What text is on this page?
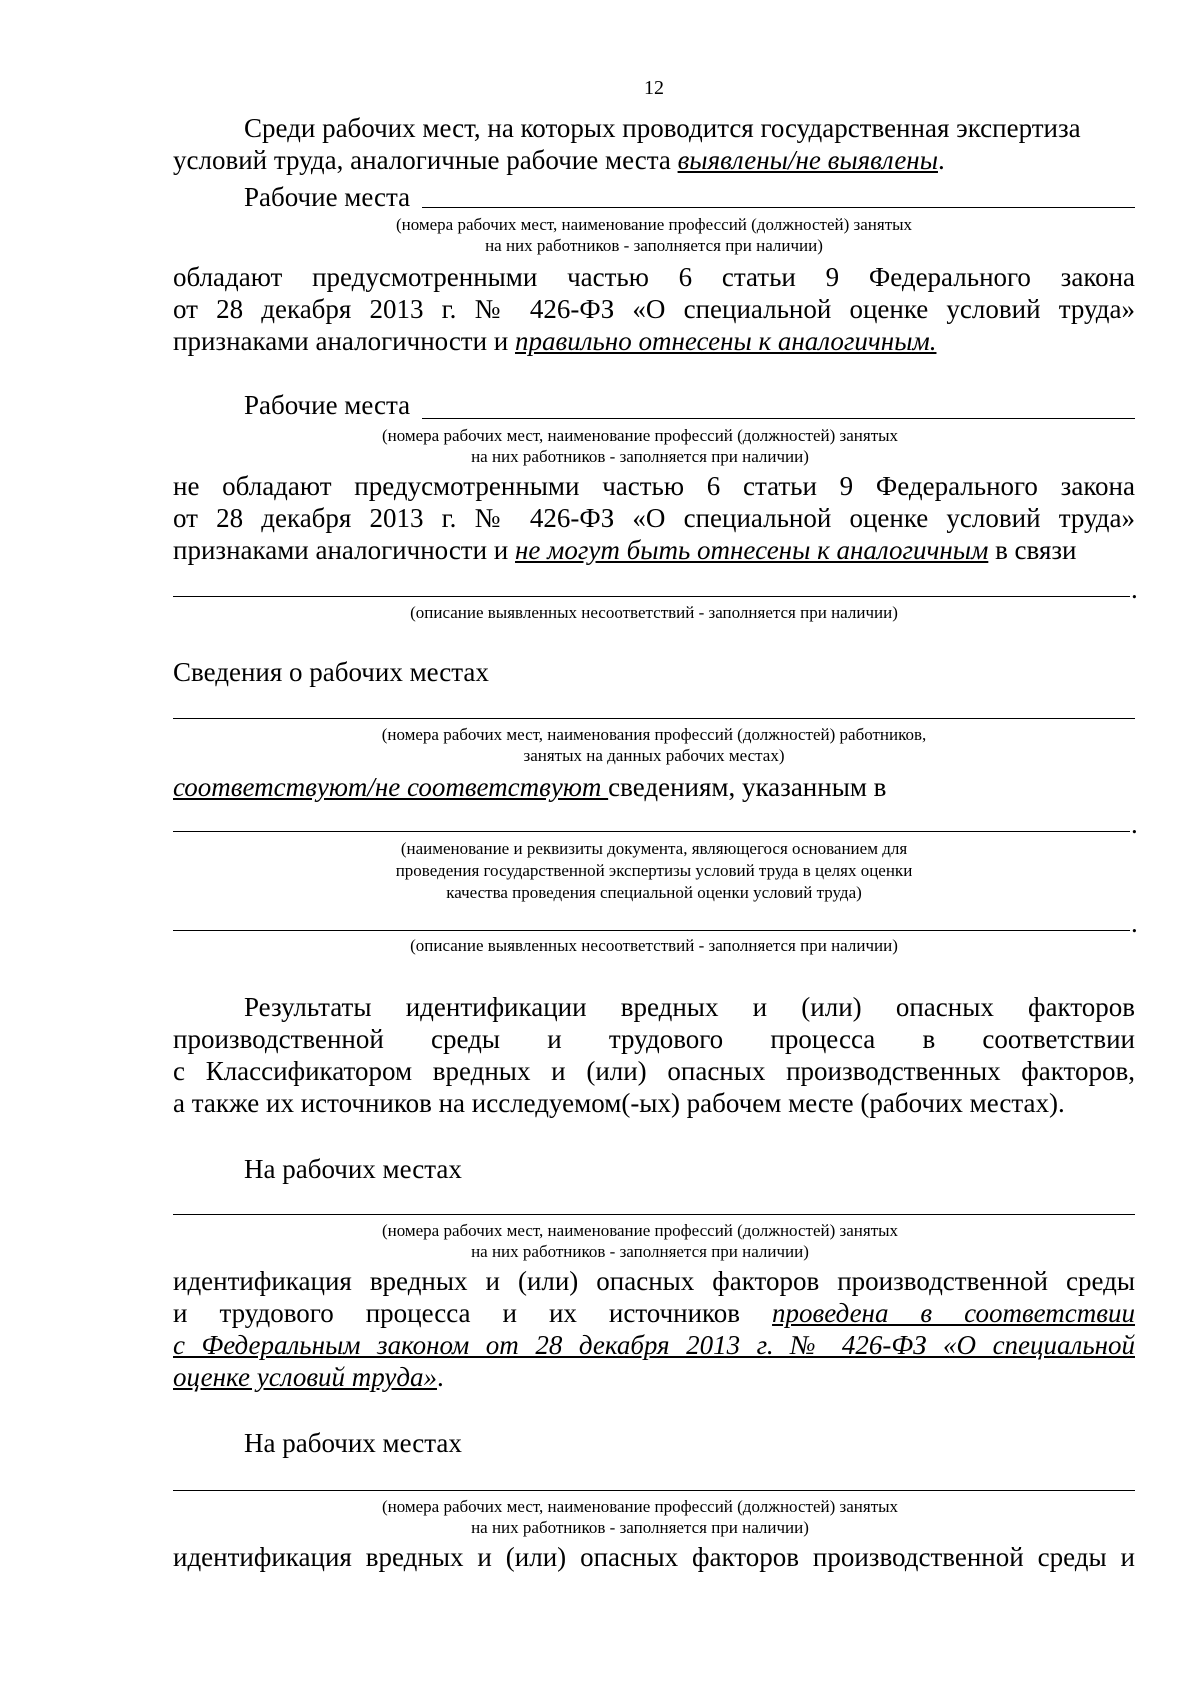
12
Среди рабочих мест, на которых проводится государственная экспертиза
условий труда, аналогичные рабочие места выявлены/не выявлены.
Рабочие места
(номера рабочих мест, наименование профессий (должностей) занятых
на них работников - заполняется при наличии)
обладают предусмотренными частью 6 статьи 9 Федерального закона
от 28 декабря 2013 г. № 426-ФЗ «О специальной оценке условий труда»
признаками аналогичности и правильно отнесены к аналогичным.
Рабочие места
(номера рабочих мест, наименование профессий (должностей) занятых
на них работников - заполняется при наличии)
не обладают предусмотренными частью 6 статьи 9 Федерального закона
от 28 декабря 2013 г. № 426-ФЗ «О специальной оценке условий труда»
признаками аналогичности и не могут быть отнесены к аналогичным в связи
.
(описание выявленных несоответствий - заполняется при наличии)
Сведения о рабочих местах
(номера рабочих мест, наименования профессий (должностей) работников,
занятых на данных рабочих местах)
соответствуют/не соответствуют сведениям, указанным в
.
(наименование и реквизиты документа, являющегося основанием для
проведения государственной экспертизы условий труда в целях оценки
качества проведения специальной оценки условий труда)
.
(описание выявленных несоответствий - заполняется при наличии)
Результаты идентификации вредных и (или) опасных факторов
производственной среды и трудового процесса в соответствии
с Классификатором вредных и (или) опасных производственных факторов,
а также их источников на исследуемом(-ых) рабочем месте (рабочих местах).
На рабочих местах
(номера рабочих мест, наименование профессий (должностей) занятых
на них работников - заполняется при наличии)
идентификация вредных и (или) опасных факторов производственной среды
и трудового процесса и их источников проведена в соответствии
с Федеральным законом от 28 декабря 2013 г. № 426-ФЗ «О специальной
оценке условий труда».
На рабочих местах
(номера рабочих мест, наименование профессий (должностей) занятых
на них работников - заполняется при наличии)
идентификация вредных и (или) опасных факторов производственной среды и
